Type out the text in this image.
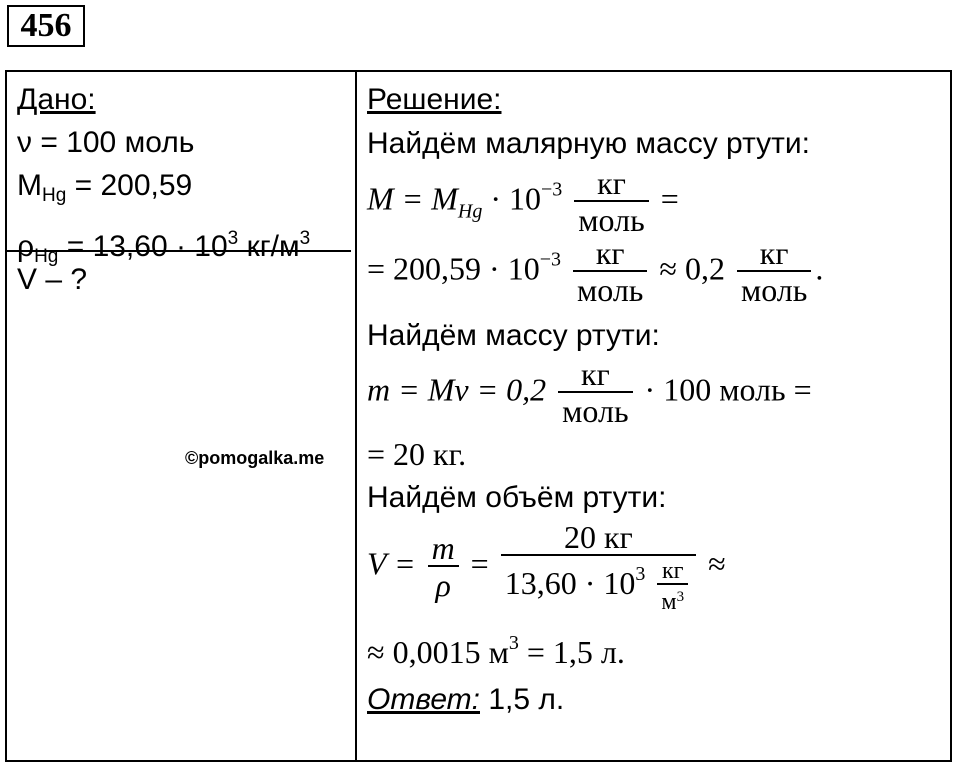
456
Дано:
ν = 100 моль
$M_{Hg} = 200,59$
$\rho_{Hg} = 13,60 \cdot 10^3$ $кг/м^3$
V – ?
©pomogalka.me
Решение:
Найдём малярную массу ртути:
$M = M_{Hg} \cdot 10^{-3} \frac{кг}{\text{моль}}$ =
= $200,59 \cdot 10^{-3} \frac{кг}{\text{моль}} \approx 0,2 \frac{кг}{\text{моль}}$ .
Найдём массу ртути:
$m = M\nu = 0,2 \frac{кг}{\text{моль}} \cdot 100$ моль =
= 20 кг.
Найдём объём ртути:
$V = \frac{m}{\rho} = \frac{20 кг}{13,60 \cdot 10^3 \frac{кг}{м^3}}$ ≈
≈ 0,0015 $м^3 = 1,5$ л.
Ответ: 1,5 л.
